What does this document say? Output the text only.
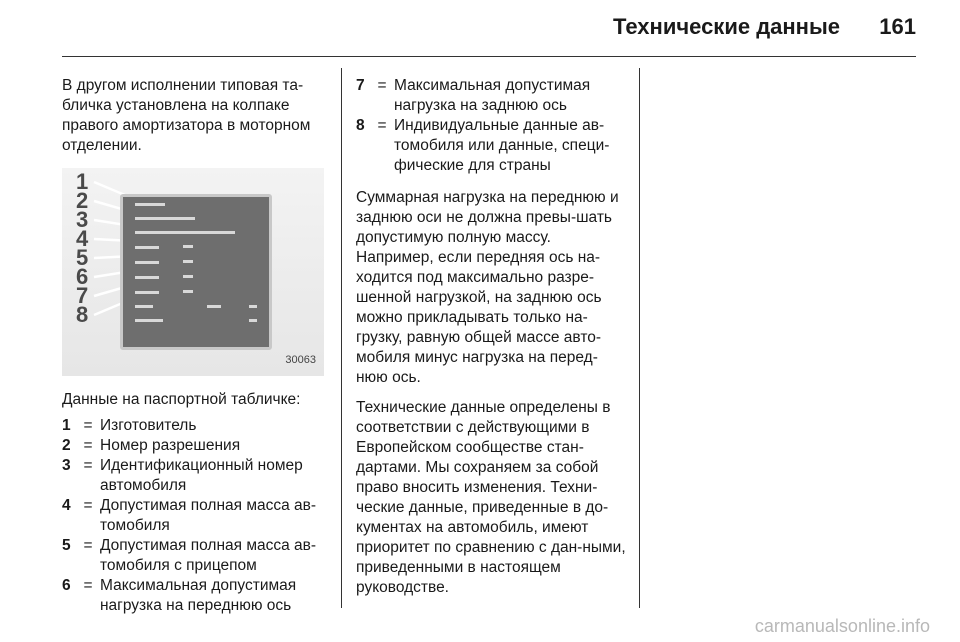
Технические данные 161

В другом исполнении типовая та-бличка установлена на колпаке правого амортизатора в моторном отделении.

1
2
3
4
5
6
7
8
30063

Данные на паспортной табличке:

1 = Изготовитель
2 = Номер разрешения
3 = Идентификационный номер автомобиля
4 = Допустимая полная масса ав-томобиля
5 = Допустимая полная масса ав-томобиля с прицепом
6 = Максимальная допустимая нагрузка на переднюю ось
7 = Максимальная допустимая нагрузка на заднюю ось
8 = Индивидуальные данные ав-томобиля или данные, специ-фические для страны

Суммарная нагрузка на переднюю и заднюю оси не должна превы-шать допустимую полную массу. Например, если передняя ось на-ходится под максимально разре-шенной нагрузкой, на заднюю ось можно прикладывать только на-грузку, равную общей массе авто-мобиля минус нагрузка на перед-нюю ось.

Технические данные определены в соответствии с действующими в Европейском сообществе стан-дартами. Мы сохраняем за собой право вносить изменения. Техни-ческие данные, приведенные в до-кументах на автомобиль, имеют приоритет по сравнению с дан-ными, приведенными в настоящем руководстве.

carmanualsonline.info
